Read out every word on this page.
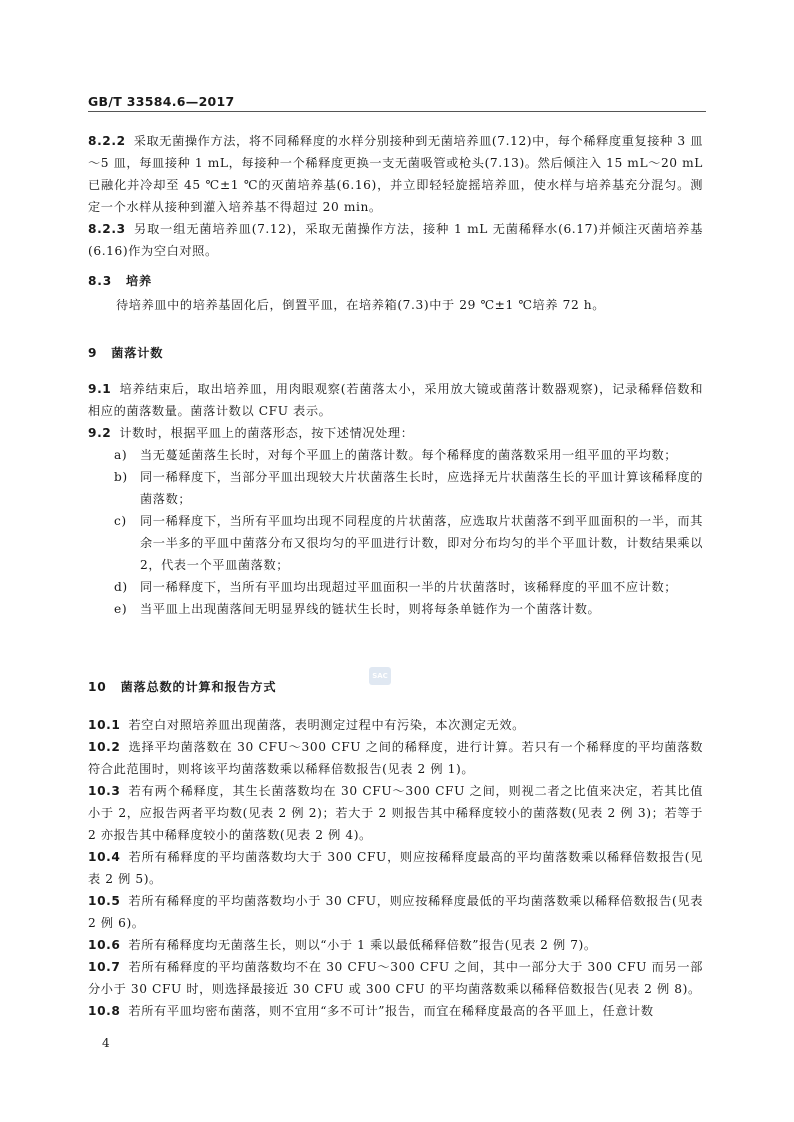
GB/T 33584.6—2017
8.2.2 采取无菌操作方法，将不同稀释度的水样分别接种到无菌培养皿(7.12)中，每个稀释度重复接种 3 皿～5 皿，每皿接种 1 mL，每接种一个稀释度更换一支无菌吸管或枪头(7.13)。然后倾注入 15 mL～20 mL 已融化并冷却至 45 ℃±1 ℃的灭菌培养基(6.16)，并立即轻轻旋摇培养皿，使水样与培养基充分混匀。测定一个水样从接种到灌入培养基不得超过 20 min。
8.2.3 另取一组无菌培养皿(7.12)，采取无菌操作方法，接种 1 mL 无菌稀释水(6.17)并倾注灭菌培养基(6.16)作为空白对照。
8.3 培养
待培养皿中的培养基固化后，倒置平皿，在培养箱(7.3)中于 29 ℃±1 ℃培养 72 h。
9 菌落计数
9.1 培养结束后，取出培养皿，用肉眼观察(若菌落太小，采用放大镜或菌落计数器观察)，记录稀释倍数和相应的菌落数量。菌落计数以 CFU 表示。
9.2 计数时，根据平皿上的菌落形态，按下述情况处理：
a) 当无蔓延菌落生长时，对每个平皿上的菌落计数。每个稀释度的菌落数采用一组平皿的平均数；
b) 同一稀释度下，当部分平皿出现较大片状菌落生长时，应选择无片状菌落生长的平皿计算该稀释度的菌落数；
c) 同一稀释度下，当所有平皿均出现不同程度的片状菌落，应选取片状菌落不到平皿面积的一半，而其余一半多的平皿中菌落分布又很均匀的平皿进行计数，即对分布均匀的半个平皿计数，计数结果乘以 2，代表一个平皿菌落数；
d) 同一稀释度下，当所有平皿均出现超过平皿面积一半的片状菌落时，该稀释度的平皿不应计数；
e) 当平皿上出现菌落间无明显界线的链状生长时，则将每条单链作为一个菌落计数。
SAC
10 菌落总数的计算和报告方式
10.1 若空白对照培养皿出现菌落，表明测定过程中有污染，本次测定无效。
10.2 选择平均菌落数在 30 CFU～300 CFU 之间的稀释度，进行计算。若只有一个稀释度的平均菌落数符合此范围时，则将该平均菌落数乘以稀释倍数报告(见表 2 例 1)。
10.3 若有两个稀释度，其生长菌落数均在 30 CFU～300 CFU 之间，则视二者之比值来决定，若其比值小于 2，应报告两者平均数(见表 2 例 2)；若大于 2 则报告其中稀释度较小的菌落数(见表 2 例 3)；若等于 2 亦报告其中稀释度较小的菌落数(见表 2 例 4)。
10.4 若所有稀释度的平均菌落数均大于 300 CFU，则应按稀释度最高的平均菌落数乘以稀释倍数报告(见表 2 例 5)。
10.5 若所有稀释度的平均菌落数均小于 30 CFU，则应按稀释度最低的平均菌落数乘以稀释倍数报告(见表 2 例 6)。
10.6 若所有稀释度均无菌落生长，则以“小于 1 乘以最低稀释倍数”报告(见表 2 例 7)。
10.7 若所有稀释度的平均菌落数均不在 30 CFU～300 CFU 之间，其中一部分大于 300 CFU 而另一部分小于 30 CFU 时，则选择最接近 30 CFU 或 300 CFU 的平均菌落数乘以稀释倍数报告(见表 2 例 8)。
10.8 若所有平皿均密布菌落，则不宜用“多不可计”报告，而宜在稀释度最高的各平皿上，任意计数
4
